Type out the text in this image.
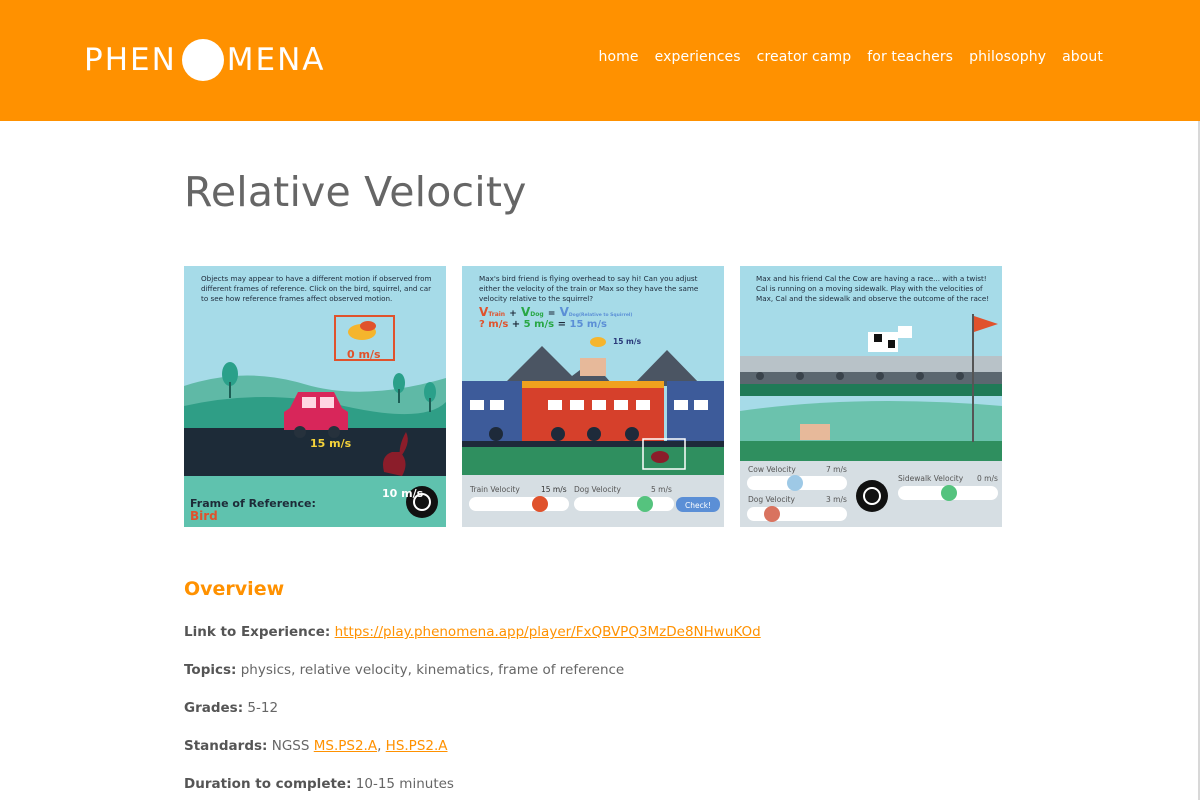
PHEN MENA	home experiences creator camp for teachers philosophy about
Relative Velocity
Objects may appear to have a different motion if observed from different frames of reference. Click on the bird, squirrel, and car to see how reference frames affect observed motion.
0 m/s
15 m/s
10 m/s
Frame of Reference:
Bird
Max's bird friend is flying overhead to say hi! Can you adjust either the velocity of the train or Max so they have the same velocity relative to the squirrel?
VTrain + VDog = VDog(Relative to Squirrel)
? m/s + 5 m/s = 15 m/s
15 m/s
Train Velocity	15 m/s Dog Velocity	5 m/s
Check!
Max and his friend Cal the Cow are having a race... with a twist! Cal is running on a moving sidewalk. Play with the velocities of Max, Cal and the sidewalk and observe the outcome of the race!
Cow Velocity	7 m/s
Dog Velocity	3 m/s
Sidewalk Velocity 0 m/s
Overview
Link to Experience: https://play.phenomena.app/player/FxQBVPQ3MzDe8NHwuKOd
Topics: physics, relative velocity, kinematics, frame of reference
Grades: 5-12
Standards: NGSS MS.PS2.A, HS.PS2.A
Duration to complete: 10-15 minutes
